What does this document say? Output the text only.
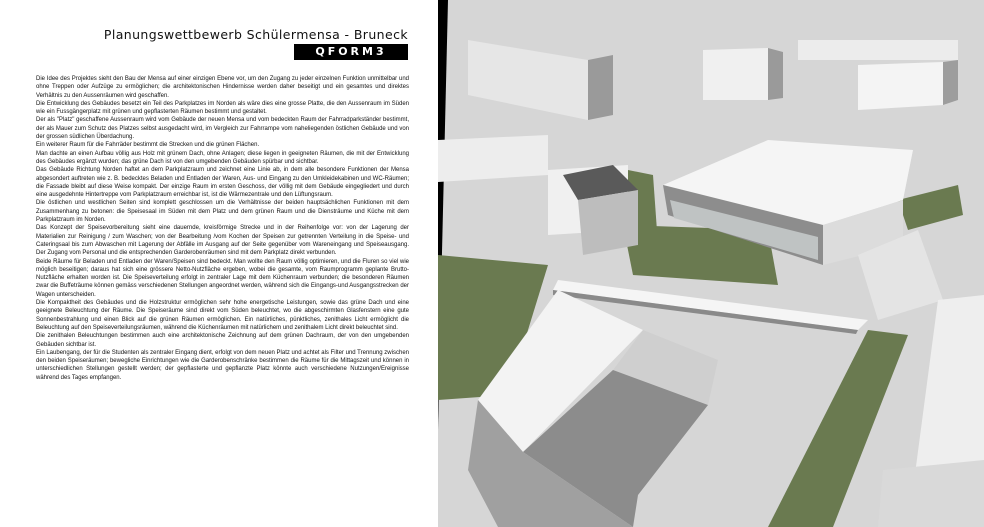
Planungswettbewerb Schülermensa - Bruneck
QFORM3

Die Idee des Projektes sieht den Bau der Mensa auf einer einzigen Ebene vor, um den Zugang zu jeder einzelnen Funktion unmittelbar und ohne Treppen oder Aufzüge zu ermöglichen; die architektonischen Hindernisse werden daher beseitigt und ein gesamtes und direktes Verhältnis zu den Aussenräumen wird geschaffen.

Die Entwicklung des Gebäudes besetzt ein Teil des Parkplatzes im Norden als wäre dies eine grosse Platte, die den Aussenraum im Süden wie ein Fussgängerplatz mit grünen und gepflasterten Räumen bestimmt und gestaltet.

Der als "Platz" geschaffene Aussenraum wird vom Gebäude der neuen Mensa und vom bedeckten Raum der Fahrradparkständer bestimmt, der als Mauer zum Schutz des Platzes selbst ausgedacht wird, im Vergleich zur Fahrrampe vom naheliegenden östlichen Gebäude und von der grossen südlichen Überdachung.

Ein weiterer Raum für die Fahrräder bestimmt die Strecken und die grünen Flächen.

Man dachte an einen Aufbau völlig aus Holz mit grünem Dach, ohne Anlagen; diese liegen in geeigneten Räumen, die mit der Entwicklung des Gebäudes ergänzt wurden; das grüne Dach ist von den umgebenden Gebäuden spürbar und sichtbar.

Das Gebäude Richtung Norden haftet an dem Parkplatzraum und zeichnet eine Linie ab, in dem alle besondere Funktionen der Mensa abgesondert auftreten wie z. B. bedecktes Beladen und Entladen der Waren, Aus- und Eingang zu den Umkleidekabinen und WC-Räumen; die Fassade bleibt auf diese Weise kompakt. Der einzige Raum im ersten Geschoss, der völlig mit dem Gebäude eingegliedert und durch eine ausgedehnte Hintertreppe vom Parkplatzraum erreichbar ist, ist die Wärmezentrale und den Lüftungsraum.

Die östlichen und westlichen Seiten sind komplett geschlossen um die Verhältnisse der beiden hauptsächlichen Funktionen mit dem Zusammenhang zu betonen: die Speisesaal im Süden mit dem Platz und dem grünen Raum und die Diensträume und Küche mit dem Parkplatzraum im Norden.

Das Konzept der Speisevorbereitung sieht eine dauernde, kreisförmige Strecke und in der Reihenfolge vor: von der Lagerung der Materialien zur Reinigung / zum Waschen; von der Bearbeitung /vom Kochen der Speisen zur getrennten Verteilung in die Speise- und Cateringsaal bis zum Abwaschen mit Lagerung der Abfälle im Ausgang auf der Seite gegenüber vom Wareneingang und Speiseausgang. Der Zugang vom Personal und die entsprechenden Garderobenräumen sind mit dem Parkplatz direkt verbunden.

Beide Räume für Beladen und Entladen der Waren/Speisen sind bedeckt. Man wollte den Raum völlig optimieren, und die Fluren so viel wie möglich beseitigen; daraus hat sich eine grössere Netto-Nutzfläche ergeben, wobei die gesamte, vom Raumprogramm geplante Brutto-Nutzfläche erhalten worden ist. Die Speiseverteilung erfolgt in zentraler Lage mit dem Küchenraum verbunden; die besonderen Räumen zwar die Buffeträume können gemäss verschiedenen Stellungen angeordnet werden, während sich die Eingangs-und Ausgangsstrecken der Wagen unterscheiden.

Die Kompaktheit des Gebäudes und die Holzstruktur ermöglichen sehr hohe energetische Leistungen, sowie das grüne Dach und eine geeignete Beleuchtung der Räume. Die Speiseräume sind direkt vom Süden beleuchtet, wo die abgeschirmten Glasfenstern eine gute Sonnenbestrahlung und einen Blick auf die grünen Räumen ermöglichen. Ein natürliches, pünktliches, zenithales Licht ermöglicht die Beleuchtung auf den Speiseverteilungsräumen, während die Küchenräumen mit natürlichem und zenithalem Licht direkt beleuchtet sind.

Die zenithalen Beleuchtungen bestimmen auch eine architektonische Zeichnung auf dem grünen Dachraum, der von den umgebenden Gebäuden sichtbar ist.

Ein Laubengang, der für die Studenten als zentraler Eingang dient, erfolgt von dem neuen Platz und achtet als Filter und Trennung zwischen den beiden Speiseräumen; bewegliche Einrichtungen wie die Garderobenschränke bestimmen die Räume für die Mittagszeit und können in unterschiedlichen Stellungen gestellt werden; der gepflasterte und gepflanzte Platz könnte auch verschiedene Nutzungen/Ereignisse während des Tages empfangen.
